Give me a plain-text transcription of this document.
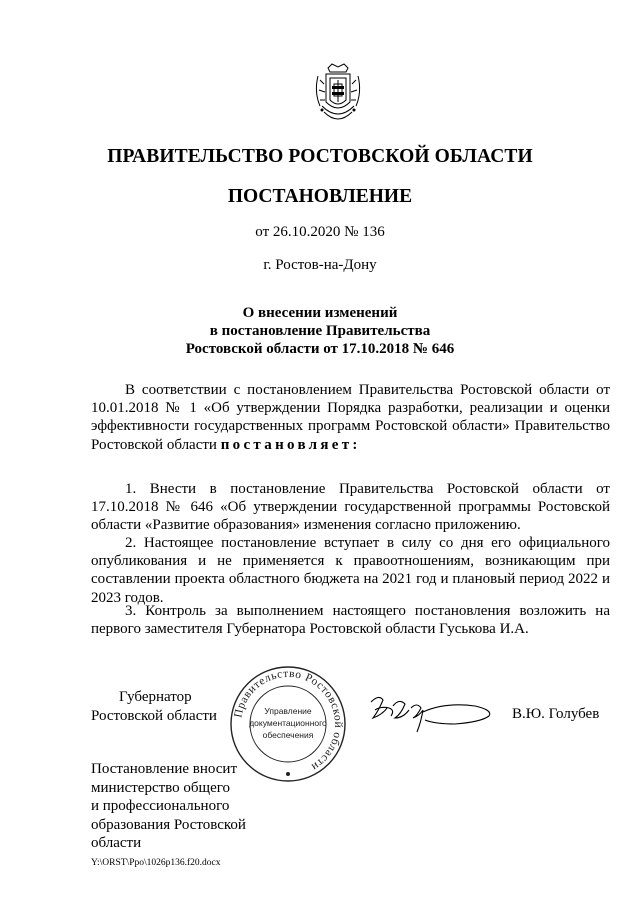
ПРАВИТЕЛЬСТВО РОСТОВСКОЙ ОБЛАСТИ
ПОСТАНОВЛЕНИЕ
от 26.10.2020 № 136
г. Ростов-на-Дону
О внесении изменений
в постановление Правительства
Ростовской области от 17.10.2018 № 646
В соответствии с постановлением Правительства Ростовской области от 10.01.2018 № 1 «Об утверждении Порядка разработки, реализации и оценки эффективности государственных программ Ростовской области» Правительство Ростовской области постановляет:
1. Внести в постановление Правительства Ростовской области от 17.10.2018 № 646 «Об утверждении государственной программы Ростовской области «Развитие образования» изменения согласно приложению.
2. Настоящее постановление вступает в силу со дня его официального опубликования и не применяется к правоотношениям, возникающим при составлении проекта областного бюджета на 2021 год и плановый период 2022 и 2023 годов.
3. Контроль за выполнением настоящего постановления возложить на первого заместителя Губернатора Ростовской области Гуськова И.А.
Губернатор
Ростовской области Правительство Ростовской области
Управление
документационного
обеспечения
В.Ю. Голубев
Постановление вносит
министерство общего
и профессионального
образования Ростовской
области
Y:\ORST\Ppo\1026p136.f20.docx
